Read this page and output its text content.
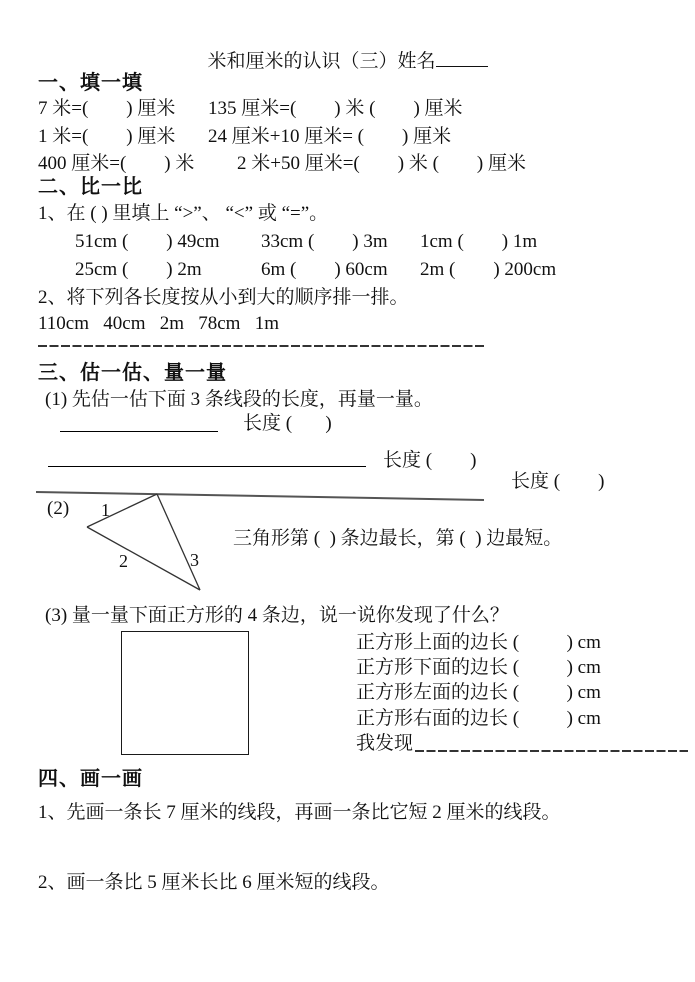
米和厘米的认识（三）姓名
一、填一填
7 米=(        ) 厘米 135 厘米=(        ) 米 (        ) 厘米
1 米=(        ) 厘米 24 厘米+10 厘米= (        ) 厘米
400 厘米=(        ) 米 2 米+50 厘米=(        ) 米 (        ) 厘米
二、比一比
1、在 ( ) 里填上 “>”、 “<” 或 “=”。
51cm (        ) 49cm 33cm (        ) 3m 1cm (        ) 1m
25cm (        ) 2m	6m (        ) 60cm 2m (        ) 200cm
2、将下列各长度按从小到大的顺序排一排。
110cm   40cm   2m   78cm   1m
三、估一估、量一量
(1) 先估一估下面 3 条线段的长度，再量一量。
长度 (       )
长度 (        )
长度 (        )
(2) 1
2	3
三角形第 (  ) 条边最长，第 (  ) 边最短。
(3) 量一量下面正方形的 4 条边，说一说你发现了什么？
正方形上面的边长 (          ) cm
正方形下面的边长 (          ) cm
正方形左面的边长 (          ) cm
正方形右面的边长 (          ) cm
我发现
四、画一画
1、先画一条长 7 厘米的线段，再画一条比它短 2 厘米的线段。
2、画一条比 5 厘米长比 6 厘米短的线段。
